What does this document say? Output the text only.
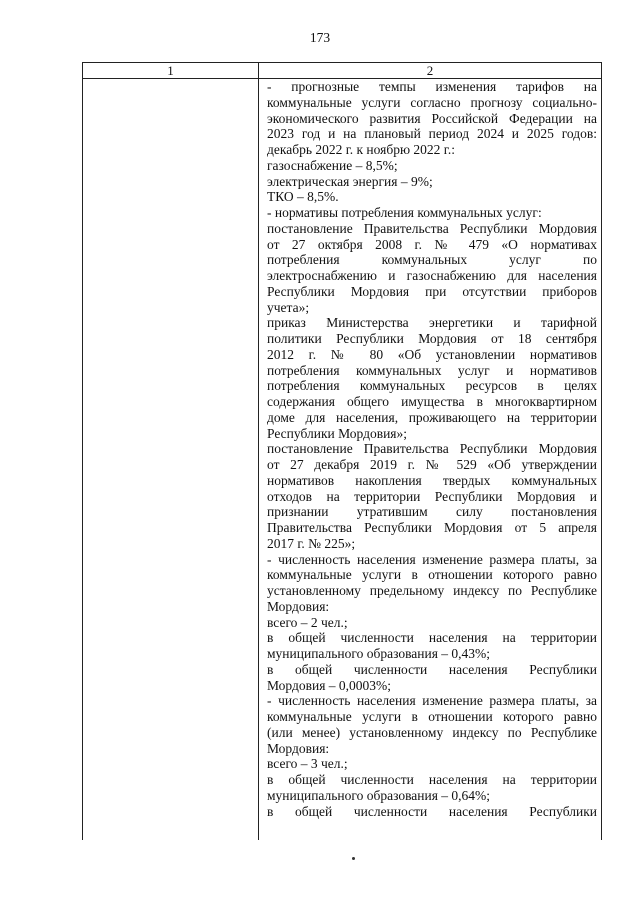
173
1	2
- прогнозные темпы изменения тарифов на
коммунальные услуги согласно прогнозу социально-
экономического развития Российской Федерации на
2023 год и на плановый период 2024 и 2025 годов:
декабрь 2022 г. к ноябрю 2022 г.:
газоснабжение – 8,5%;
электрическая энергия – 9%;
ТКО – 8,5%.
- нормативы потребления коммунальных услуг:
постановление Правительства Республики Мордовия
от 27 октября 2008 г. № 479 «О нормативах
потребления коммунальных услуг по
электроснабжению и газоснабжению для населения
Республики Мордовия при отсутствии приборов
учета»;
приказ Министерства энергетики и тарифной
политики Республики Мордовия от 18 сентября
2012 г. № 80 «Об установлении нормативов
потребления коммунальных услуг и нормативов
потребления коммунальных ресурсов в целях
содержания общего имущества в многоквартирном
доме для населения, проживающего на территории
Республики Мордовия»;
постановление Правительства Республики Мордовия
от 27 декабря 2019 г. № 529 «Об утверждении
нормативов накопления твердых коммунальных
отходов на территории Республики Мордовия и
признании утратившим силу постановления
Правительства Республики Мордовия от 5 апреля
2017 г. № 225»;
- численность населения изменение размера платы, за
коммунальные услуги в отношении которого равно
установленному предельному индексу по Республике
Мордовия:
всего – 2 чел.;
в общей численности населения на территории
муниципального образования – 0,43%;
в общей численности населения Республики
Мордовия – 0,0003%;
- численность населения изменение размера платы, за
коммунальные услуги в отношении которого равно
(или менее) установленному индексу по Республике
Мордовия:
всего – 3 чел.;
в общей численности населения на территории
муниципального образования – 0,64%;
в общей численности населения Республики
